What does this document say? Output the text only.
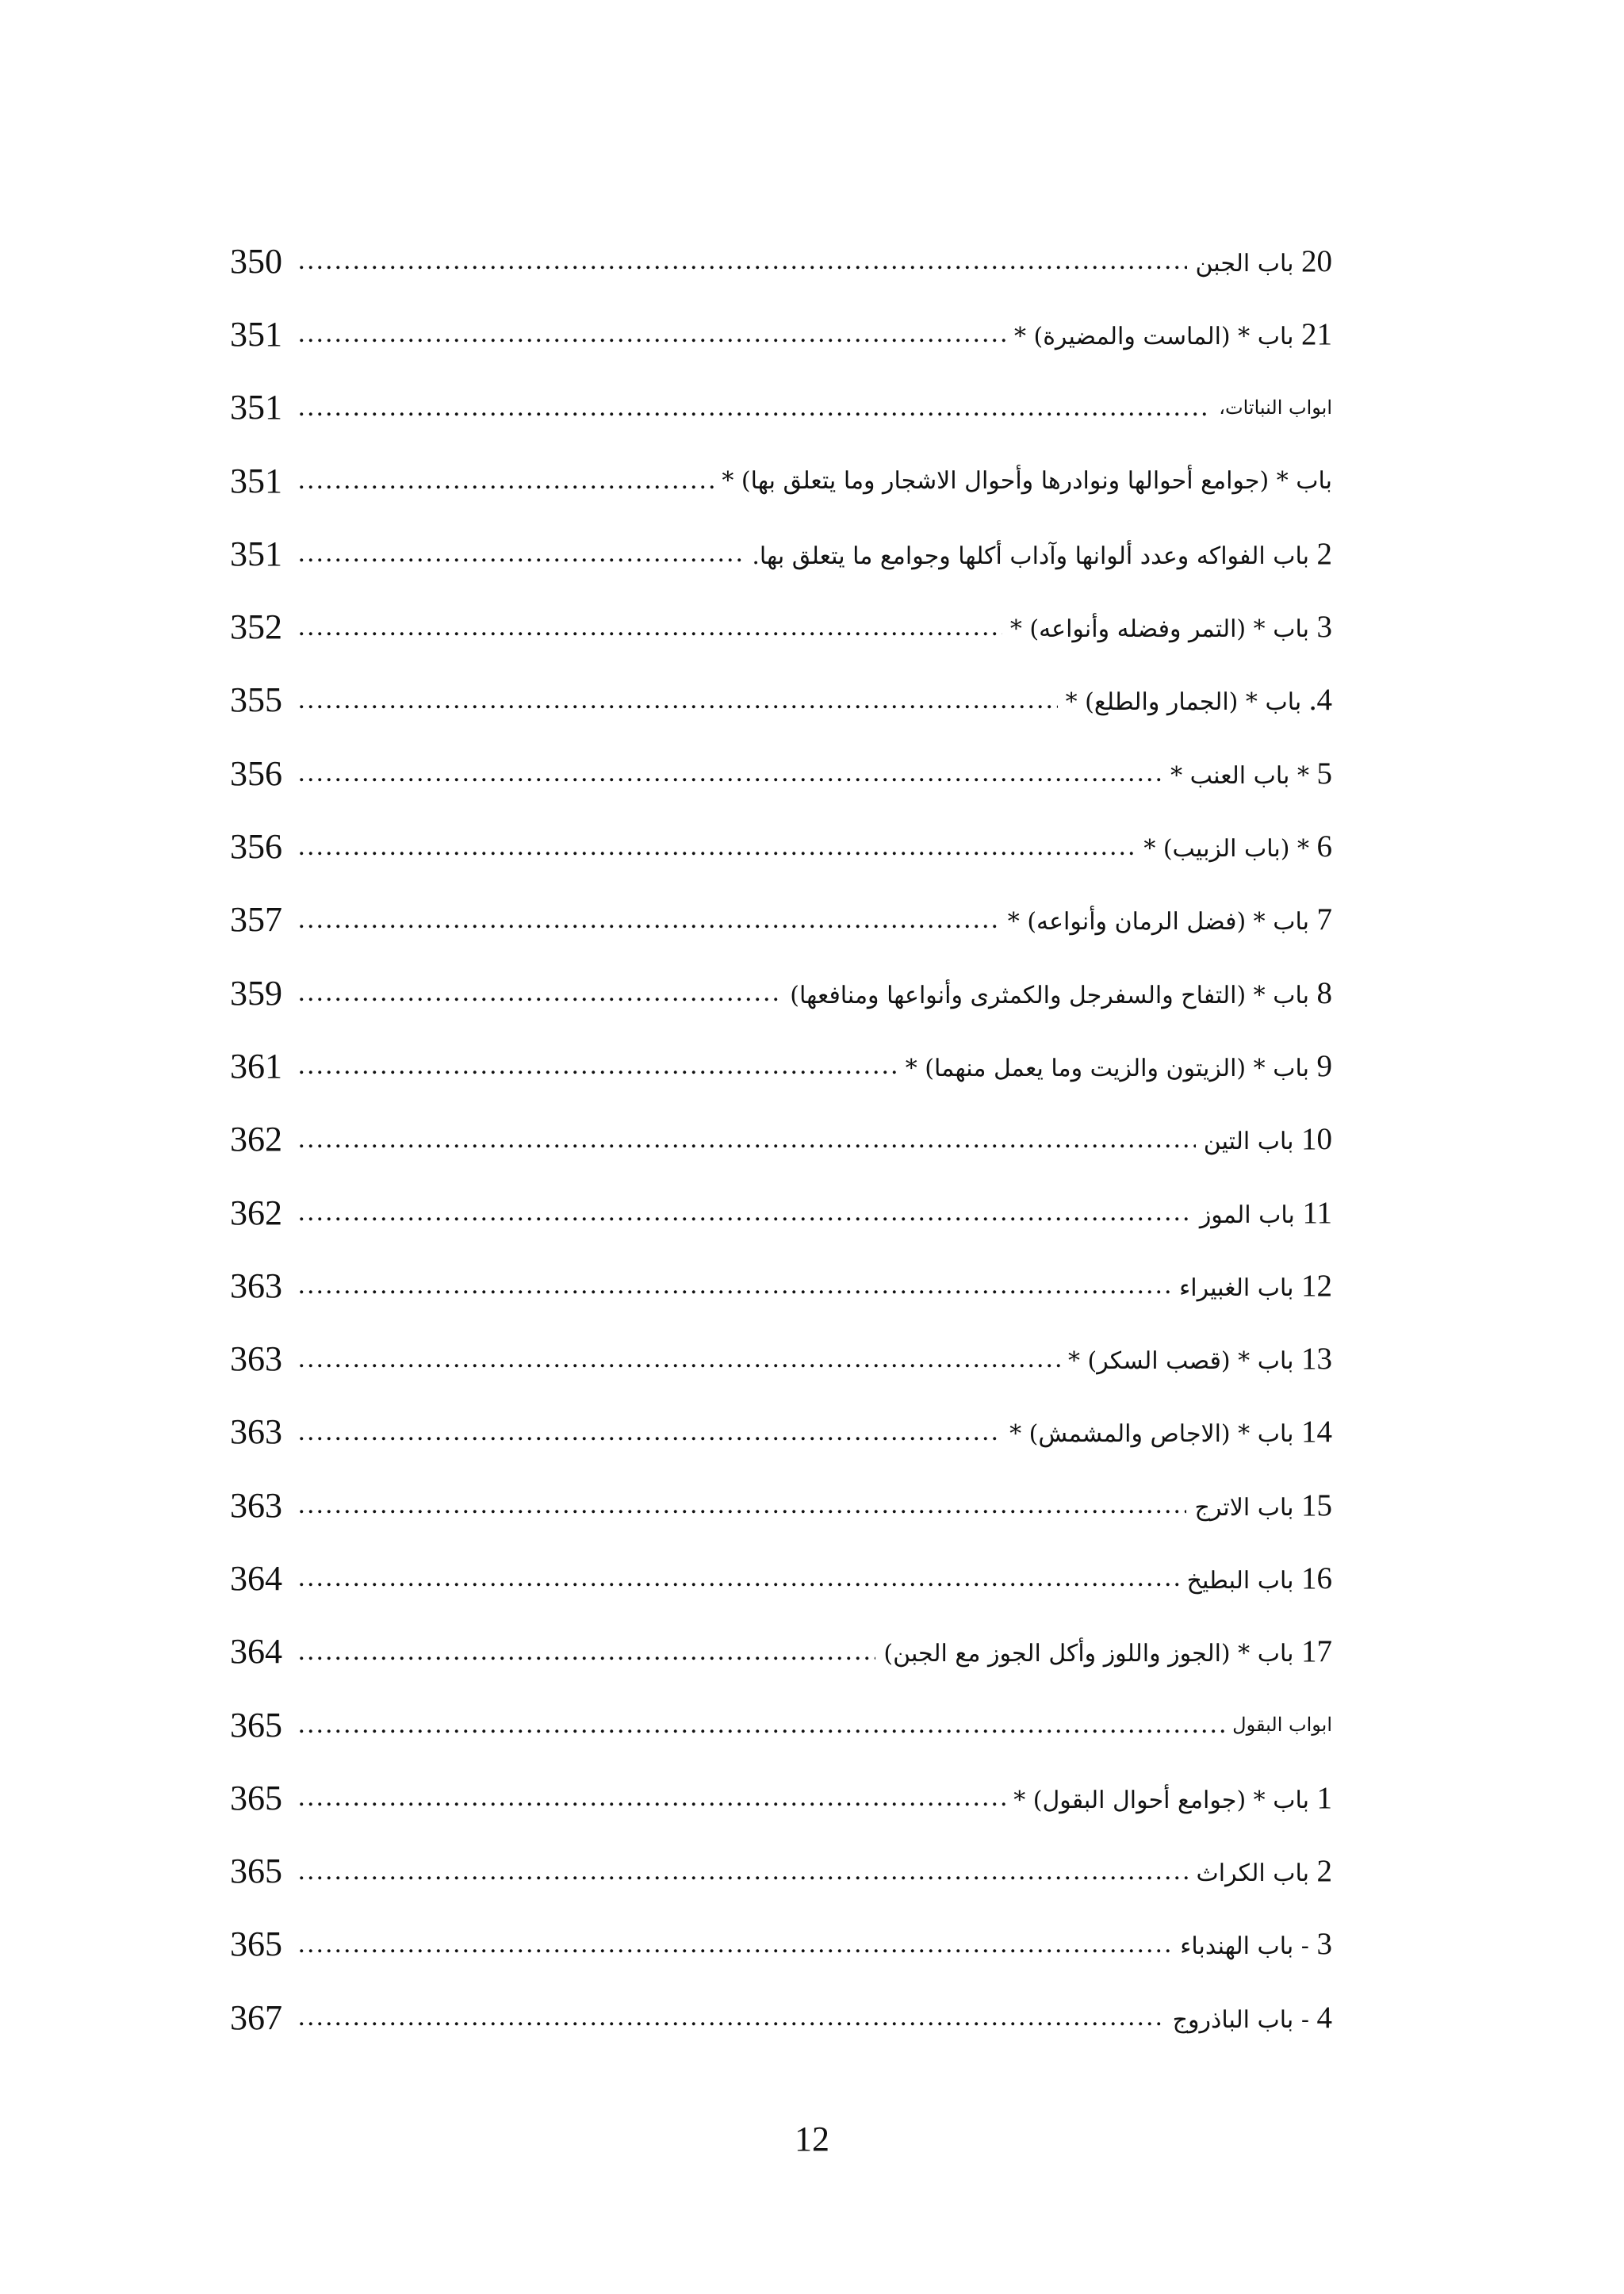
20 باب الجبن
.....
350
21 باب * (الماست والمضيرة) *
.....
351
ابواب النباتات،
.....
351
باب * (جوامع أحوالها ونوادرها وأحوال الاشجار وما يتعلق بها) *
.....
351
2 باب الفواكه وعدد ألوانها وآداب أكلها وجوامع ما يتعلق بها.
.....
351
3 باب * (التمر وفضله وأنواعه) *
.....
352
4. باب * (الجمار والطلع) *
.....
355
5 * باب العنب *
.....
356
6 * (باب الزبيب) *
.....
356
7 باب * (فضل الرمان وأنواعه) *
.....
357
8 باب * (التفاح والسفرجل والكمثرى وأنواعها ومنافعها)
.....
359
9 باب * (الزيتون والزيت وما يعمل منهما) *
.....
361
10 باب التين
.....
362
11 باب الموز
.....
362
12 باب الغبيراء
.....
363
13 باب * (قصب السكر) *
.....
363
14 باب * (الاجاص والمشمش) *
.....
363
15 باب الاترج
.....
363
16 باب البطيخ
.....
364
17 باب * (الجوز واللوز وأكل الجوز مع الجبن)
.....
364
ابواب البقول
.....
365
1 باب * (جوامع أحوال البقول) *
.....
365
2 باب الكراث
.....
365
3 - باب الهندباء
.....
365
4 - باب الباذروج
.....
367
12
